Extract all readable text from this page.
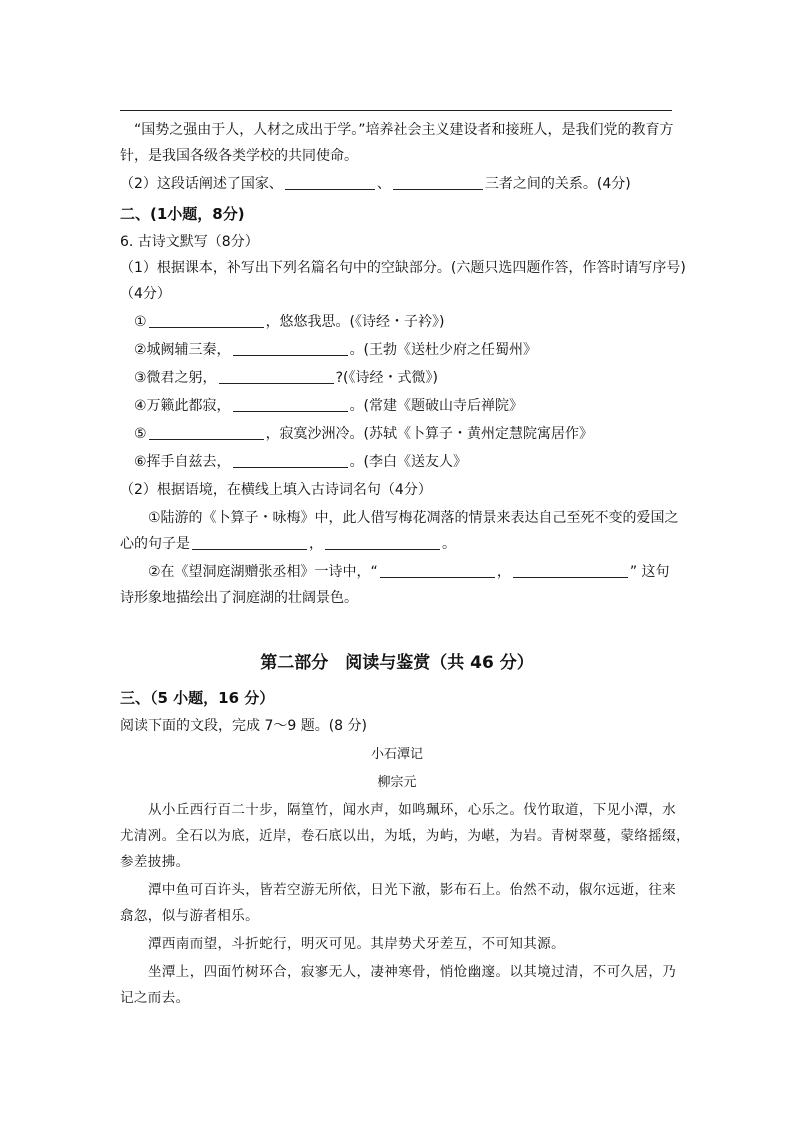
“国势之强由于人，人材之成出于学。”培养社会主义建设者和接班人，是我们党的教育方
针，是我国各级各类学校的共同使命。
（2）这段话阐述了国家、	、	三者之间的关系。(4分)
二、(1小题，8分)
6. 古诗文默写（8分）
（1）根据课本，补写出下列名篇名句中的空缺部分。(六题只选四题作答，作答时请写序号)
（4分）
①	，悠悠我思。(《诗经・子衿》)
②城阙辅三秦，	。(王勃《送杜少府之任蜀州》
③微君之躬，	?(《诗经・式微》)
④万籁此都寂，	。(常建《题破山寺后禅院》
⑤	，寂寞沙洲冷。(苏轼《卜算子・黄州定慧院寓居作》
⑥挥手自兹去，	。(李白《送友人》
（2）根据语境，在横线上填入古诗词名句（4分）
①陆游的《卜算子・咏梅》中，此人借写梅花凋落的情景来表达自己至死不变的爱国之
心的句子是	，	。
②在《望洞庭湖赠张丞相》一诗中，“	，	” 这句
诗形象地描绘出了洞庭湖的壮阔景色。
第二部分　阅读与鉴赏（共 46 分）
三、（5 小题，16 分）
阅读下面的文段，完成 7～9 题。(8 分)
小石潭记
柳宗元
从小丘西行百二十步，隔篁竹，闻水声，如鸣珮环，心乐之。伐竹取道，下见小潭，水
尤清冽。全石以为底，近岸，卷石底以出，为坻，为屿，为嵁，为岩。青树翠蔓，蒙络摇缀，
参差披拂。
潭中鱼可百许头，皆若空游无所依，日光下澈，影布石上。佁然不动，俶尔远逝，往来
翕忽，似与游者相乐。
潭西南而望，斗折蛇行，明灭可见。其岸势犬牙差互，不可知其源。
坐潭上，四面竹树环合，寂寥无人，凄神寒骨，悄怆幽邃。以其境过清，不可久居，乃
记之而去。
